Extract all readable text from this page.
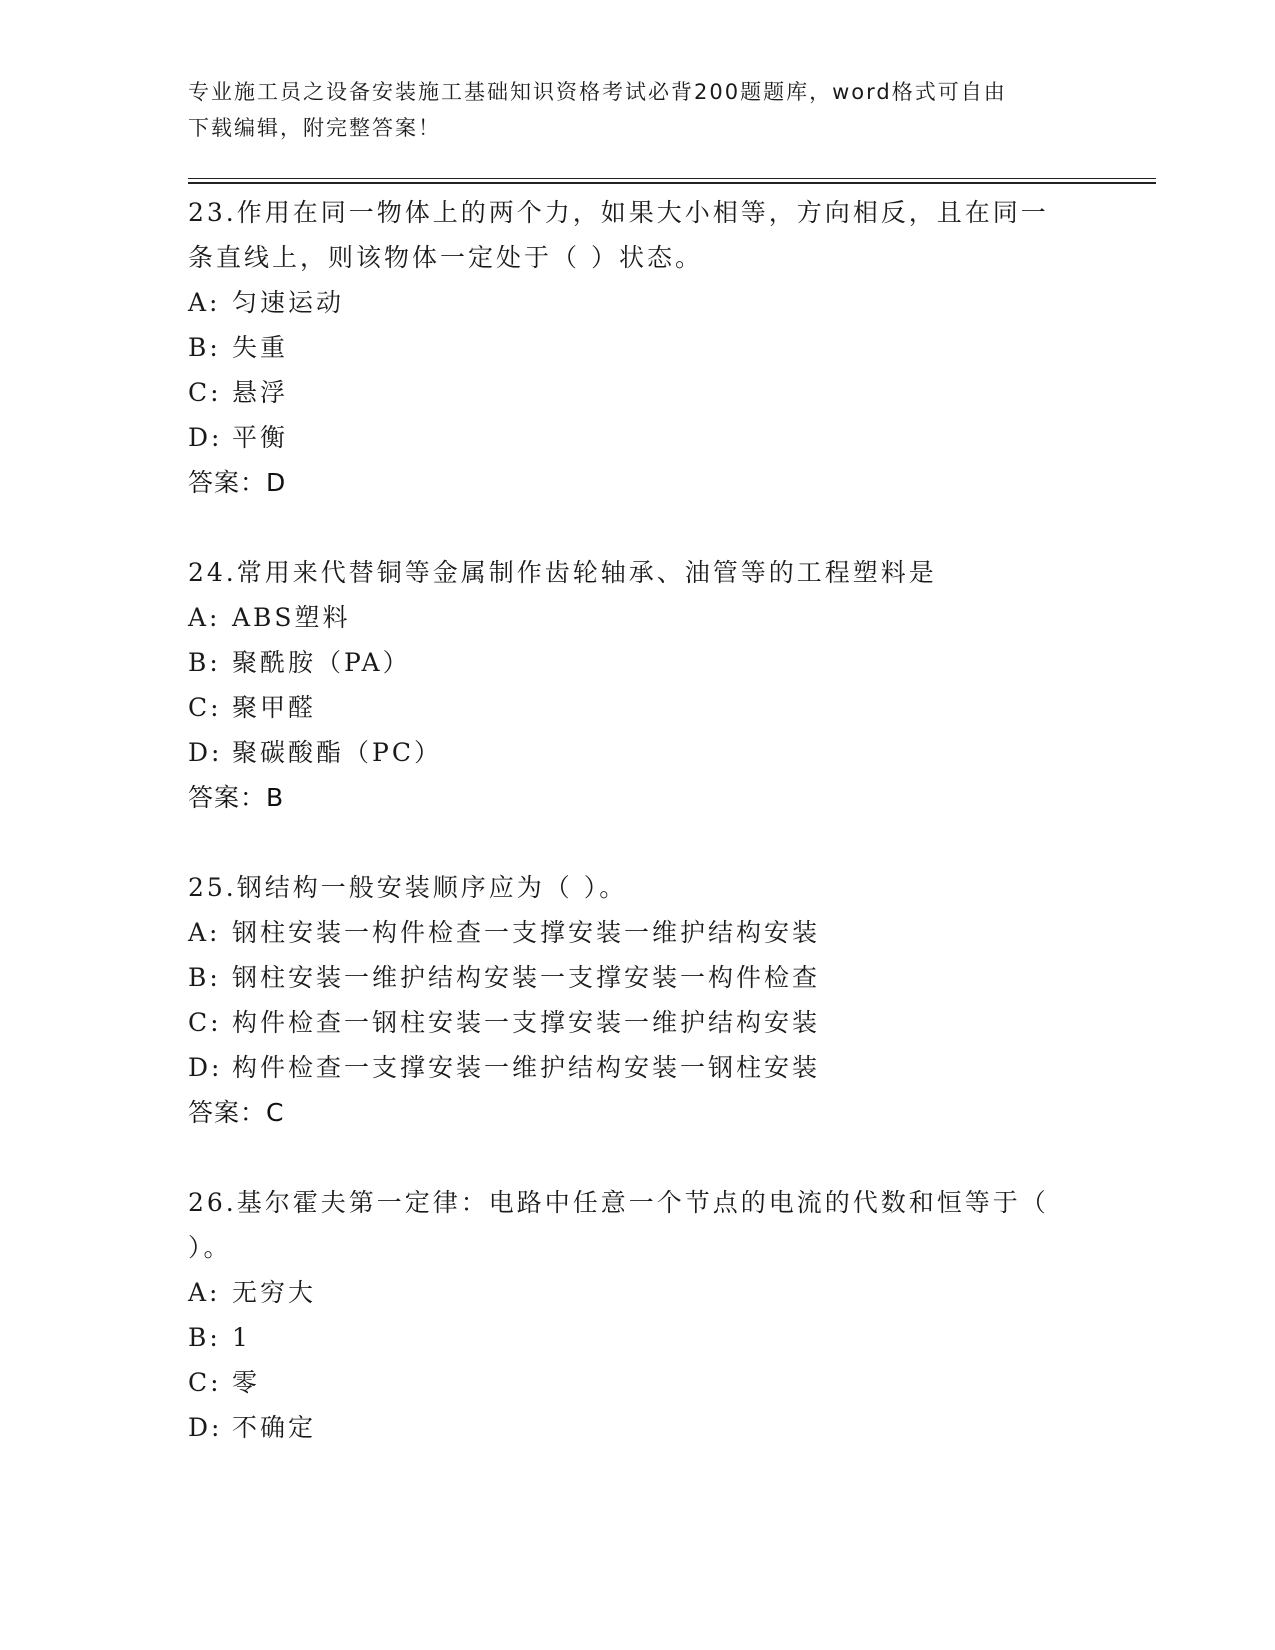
专业施工员之设备安装施工基础知识资格考试必背200题题库，word格式可自由
下载编辑，附完整答案！
23.作用在同一物体上的两个力，如果大小相等，方向相反，且在同一
条直线上，则该物体一定处于（ ）状态。
A: 匀速运动
B: 失重
C: 悬浮
D: 平衡
答案：D
24.常用来代替铜等金属制作齿轮轴承、油管等的工程塑料是
A: ABS塑料
B: 聚酰胺（PA）
C: 聚甲醛
D: 聚碳酸酯（PC）
答案：B
25.钢结构一般安装顺序应为（ ）。
A: 钢柱安装一构件检查一支撑安装一维护结构安装
B: 钢柱安装一维护结构安装一支撑安装一构件检查
C: 构件检查一钢柱安装一支撑安装一维护结构安装
D: 构件检查一支撑安装一维护结构安装一钢柱安装
答案：C
26.基尔霍夫第一定律：电路中任意一个节点的电流的代数和恒等于（
）。
A: 无穷大
B: 1
C: 零
D: 不确定
